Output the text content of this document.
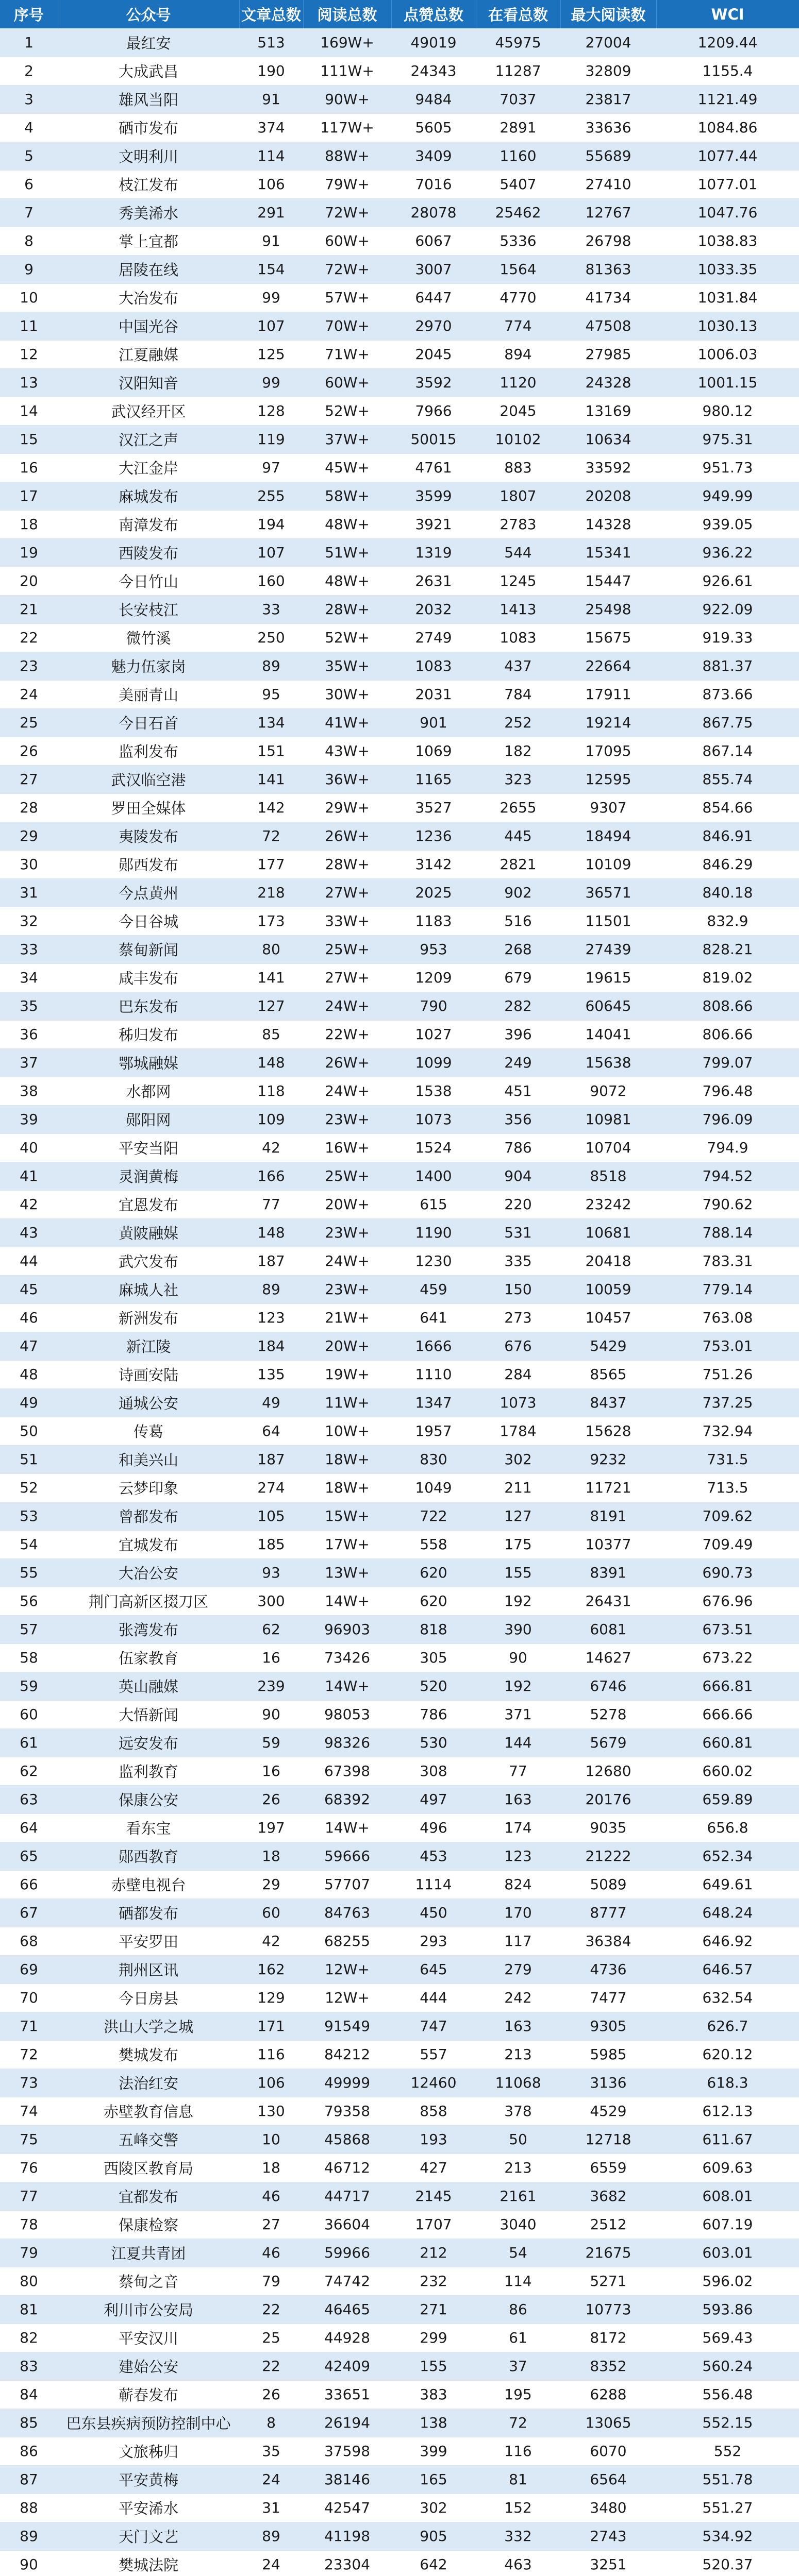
序号	公众号	文章总数	阅读总数	点赞总数	在看总数	最大阅读数	WCI
1	最红安	513	169W+	49019	45975	27004	1209.44
2	大成武昌	190	111W+	24343	11287	32809	1155.4
3	雄风当阳	91	90W+	9484	7037	23817	1121.49
4	硒市发布	374	117W+	5605	2891	33636	1084.86
5	文明利川	114	88W+	3409	1160	55689	1077.44
6	枝江发布	106	79W+	7016	5407	27410	1077.01
7	秀美浠水	291	72W+	28078	25462	12767	1047.76
8	掌上宜都	91	60W+	6067	5336	26798	1038.83
9	居陵在线	154	72W+	3007	1564	81363	1033.35
10	大冶发布	99	57W+	6447	4770	41734	1031.84
11	中国光谷	107	70W+	2970	774	47508	1030.13
12	江夏融媒	125	71W+	2045	894	27985	1006.03
13	汉阳知音	99	60W+	3592	1120	24328	1001.15
14	武汉经开区	128	52W+	7966	2045	13169	980.12
15	汉江之声	119	37W+	50015	10102	10634	975.31
16	大江金岸	97	45W+	4761	883	33592	951.73
17	麻城发布	255	58W+	3599	1807	20208	949.99
18	南漳发布	194	48W+	3921	2783	14328	939.05
19	西陵发布	107	51W+	1319	544	15341	936.22
20	今日竹山	160	48W+	2631	1245	15447	926.61
21	长安枝江	33	28W+	2032	1413	25498	922.09
22	微竹溪	250	52W+	2749	1083	15675	919.33
23	魅力伍家岗	89	35W+	1083	437	22664	881.37
24	美丽青山	95	30W+	2031	784	17911	873.66
25	今日石首	134	41W+	901	252	19214	867.75
26	监利发布	151	43W+	1069	182	17095	867.14
27	武汉临空港	141	36W+	1165	323	12595	855.74
28	罗田全媒体	142	29W+	3527	2655	9307	854.66
29	夷陵发布	72	26W+	1236	445	18494	846.91
30	郧西发布	177	28W+	3142	2821	10109	846.29
31	今点黄州	218	27W+	2025	902	36571	840.18
32	今日谷城	173	33W+	1183	516	11501	832.9
33	蔡甸新闻	80	25W+	953	268	27439	828.21
34	咸丰发布	141	27W+	1209	679	19615	819.02
35	巴东发布	127	24W+	790	282	60645	808.66
36	秭归发布	85	22W+	1027	396	14041	806.66
37	鄂城融媒	148	26W+	1099	249	15638	799.07
38	水都网	118	24W+	1538	451	9072	796.48
39	郧阳网	109	23W+	1073	356	10981	796.09
40	平安当阳	42	16W+	1524	786	10704	794.9
41	灵润黄梅	166	25W+	1400	904	8518	794.52
42	宜恩发布	77	20W+	615	220	23242	790.62
43	黄陂融媒	148	23W+	1190	531	10681	788.14
44	武穴发布	187	24W+	1230	335	20418	783.31
45	麻城人社	89	23W+	459	150	10059	779.14
46	新洲发布	123	21W+	641	273	10457	763.08
47	新江陵	184	20W+	1666	676	5429	753.01
48	诗画安陆	135	19W+	1110	284	8565	751.26
49	通城公安	49	11W+	1347	1073	8437	737.25
50	传葛	64	10W+	1957	1784	15628	732.94
51	和美兴山	187	18W+	830	302	9232	731.5
52	云梦印象	274	18W+	1049	211	11721	713.5
53	曾都发布	105	15W+	722	127	8191	709.62
54	宜城发布	185	17W+	558	175	10377	709.49
55	大冶公安	93	13W+	620	155	8391	690.73
56	荆门高新区掇刀区	300	14W+	620	192	26431	676.96
57	张湾发布	62	96903	818	390	6081	673.51
58	伍家教育	16	73426	305	90	14627	673.22
59	英山融媒	239	14W+	520	192	6746	666.81
60	大悟新闻	90	98053	786	371	5278	666.66
61	远安发布	59	98326	530	144	5679	660.81
62	监利教育	16	67398	308	77	12680	660.02
63	保康公安	26	68392	497	163	20176	659.89
64	看东宝	197	14W+	496	174	9035	656.8
65	郧西教育	18	59666	453	123	21222	652.34
66	赤壁电视台	29	57707	1114	824	5089	649.61
67	硒都发布	60	84763	450	170	8777	648.24
68	平安罗田	42	68255	293	117	36384	646.92
69	荆州区讯	162	12W+	645	279	4736	646.57
70	今日房县	129	12W+	444	242	7477	632.54
71	洪山大学之城	171	91549	747	163	9305	626.7
72	樊城发布	116	84212	557	213	5985	620.12
73	法治红安	106	49999	12460	11068	3136	618.3
74	赤壁教育信息	130	79358	858	378	4529	612.13
75	五峰交警	10	45868	193	50	12718	611.67
76	西陵区教育局	18	46712	427	213	6559	609.63
77	宜都发布	46	44717	2145	2161	3682	608.01
78	保康检察	27	36604	1707	3040	2512	607.19
79	江夏共青团	46	59966	212	54	21675	603.01
80	蔡甸之音	79	74742	232	114	5271	596.02
81	利川市公安局	22	46465	271	86	10773	593.86
82	平安汉川	25	44928	299	61	8172	569.43
83	建始公安	22	42409	155	37	8352	560.24
84	蕲春发布	26	33651	383	195	6288	556.48
85	巴东县疾病预防控制中心	8	26194	138	72	13065	552.15
86	文旅秭归	35	37598	399	116	6070	552
87	平安黄梅	24	38146	165	81	6564	551.78
88	平安浠水	31	42547	302	152	3480	551.27
89	天门文艺	89	41198	905	332	2743	534.92
90	樊城法院	24	23304	642	463	3251	520.37
